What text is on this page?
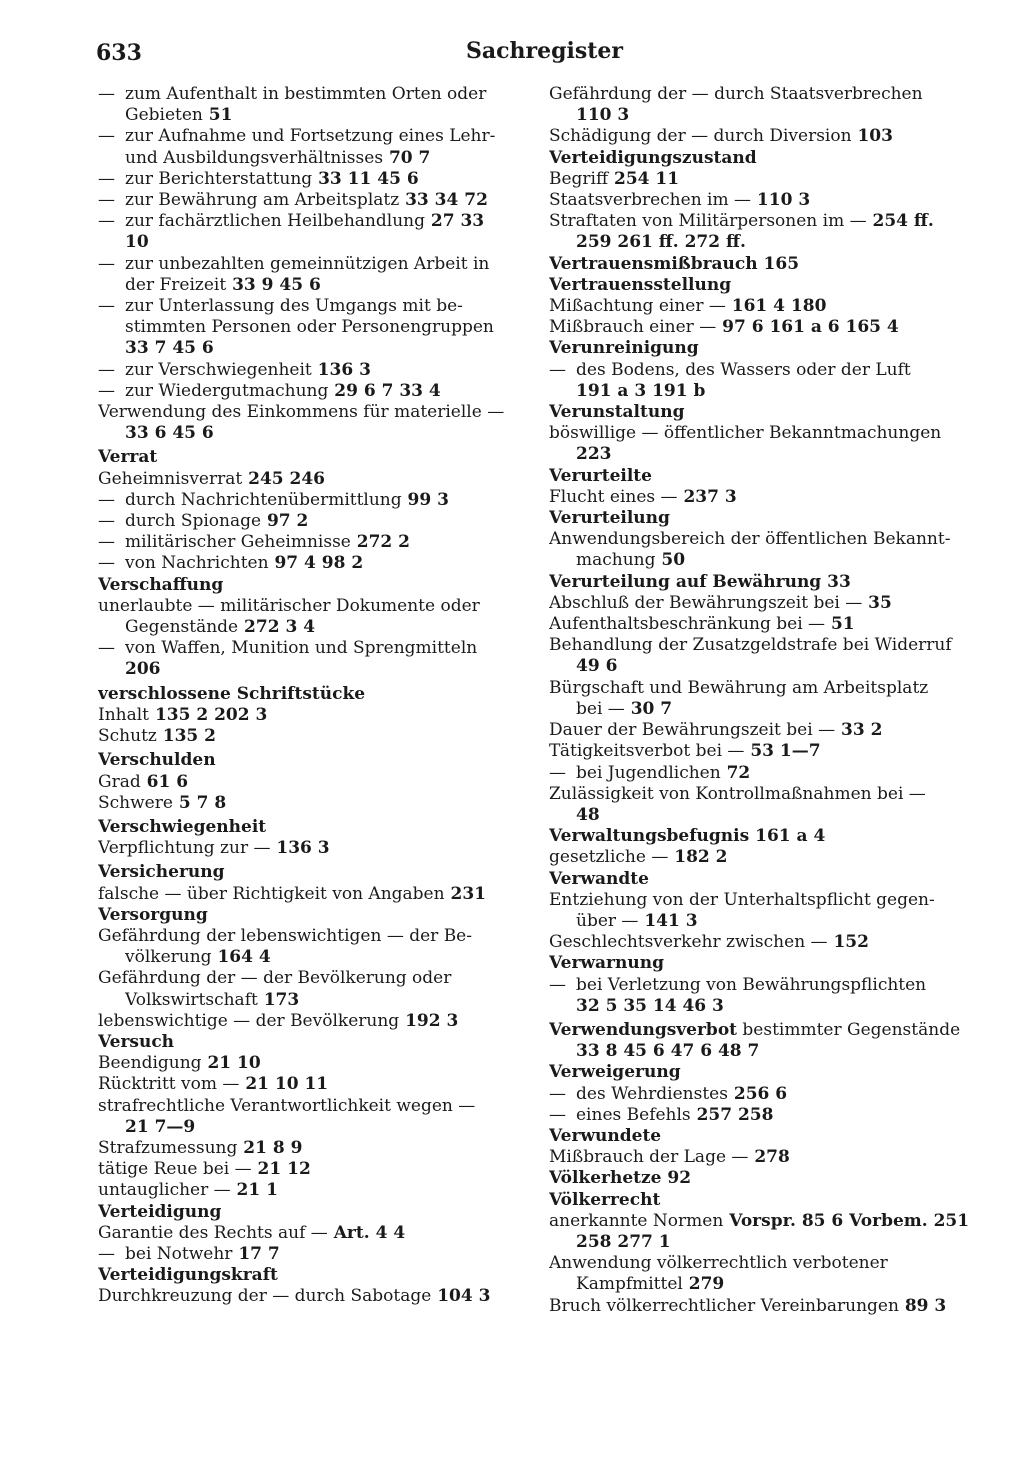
633	Sachregister
— zum Aufenthalt in bestimmten Orten oder
Gebieten 51
— zur Aufnahme und Fortsetzung eines Lehr-
und Ausbildungsverhältnisses 70 7
— zur Berichterstattung 33 11 45 6
— zur Bewährung am Arbeitsplatz 33 34 72
— zur fachärztlichen Heilbehandlung 27 33
10
— zur unbezahlten gemeinnützigen Arbeit in
der Freizeit 33 9 45 6
— zur Unterlassung des Umgangs mit be-
stimmten Personen oder Personengruppen
33 7 45 6
— zur Verschwiegenheit 136 3
— zur Wiedergutmachung 29 6 7 33 4
Verwendung des Einkommens für materielle —
33 6 45 6
Verrat
Geheimnisverrat 245 246
— durch Nachrichtenübermittlung 99 3
— durch Spionage 97 2
— militärischer Geheimnisse 272 2
— von Nachrichten 97 4 98 2
Verschaffung
unerlaubte — militärischer Dokumente oder
Gegenstände 272 3 4
— von Waffen, Munition und Sprengmitteln
206
verschlossene Schriftstücke
Inhalt 135 2 202 3
Schutz 135 2
Verschulden
Grad 61 6
Schwere 5 7 8
Verschwiegenheit
Verpflichtung zur — 136 3
Versicherung
falsche — über Richtigkeit von Angaben 231
Versorgung
Gefährdung der lebenswichtigen — der Be-
völkerung 164 4
Gefährdung der — der Bevölkerung oder
Volkswirtschaft 173
lebenswichtige — der Bevölkerung 192 3
Versuch
Beendigung 21 10
Rücktritt vom — 21 10 11
strafrechtliche Verantwortlichkeit wegen —
21 7—9
Strafzumessung 21 8 9
tätige Reue bei — 21 12
untauglicher — 21 1
Verteidigung
Garantie des Rechts auf — Art. 4 4
— bei Notwehr 17 7
Verteidigungskraft
Durchkreuzung der — durch Sabotage 104 3
Gefährdung der — durch Staatsverbrechen
110 3
Schädigung der — durch Diversion 103
Verteidigungszustand
Begriff 254 11
Staatsverbrechen im — 110 3
Straftaten von Militärpersonen im — 254 ff.
259 261 ff. 272 ff.
Vertrauensmißbrauch 165
Vertrauensstellung
Mißachtung einer — 161 4 180
Mißbrauch einer — 97 6 161 a 6 165 4
Verunreinigung
— des Bodens, des Wassers oder der Luft
191 a 3 191 b
Verunstaltung
böswillige — öffentlicher Bekanntmachungen
223
Verurteilte
Flucht eines — 237 3
Verurteilung
Anwendungsbereich der öffentlichen Bekannt-
machung 50
Verurteilung auf Bewährung 33
Abschluß der Bewährungszeit bei — 35
Aufenthaltsbeschränkung bei — 51
Behandlung der Zusatzgeldstrafe bei Widerruf
49 6
Bürgschaft und Bewährung am Arbeitsplatz
bei — 30 7
Dauer der Bewährungszeit bei — 33 2
Tätigkeitsverbot bei — 53 1—7
— bei Jugendlichen 72
Zulässigkeit von Kontrollmaßnahmen bei —
48
Verwaltungsbefugnis 161 a 4
gesetzliche — 182 2
Verwandte
Entziehung von der Unterhaltspflicht gegen-
über — 141 3
Geschlechtsverkehr zwischen — 152
Verwarnung
— bei Verletzung von Bewährungspflichten
32 5 35 14 46 3
Verwendungsverbot bestimmter Gegenstände
33 8 45 6 47 6 48 7
Verweigerung
— des Wehrdienstes 256 6
— eines Befehls 257 258
Verwundete
Mißbrauch der Lage — 278
Völkerhetze 92
Völkerrecht
anerkannte Normen Vorspr. 85 6 Vorbem. 251
258 277 1
Anwendung völkerrechtlich verbotener
Kampfmittel 279
Bruch völkerrechtlicher Vereinbarungen 89 3
